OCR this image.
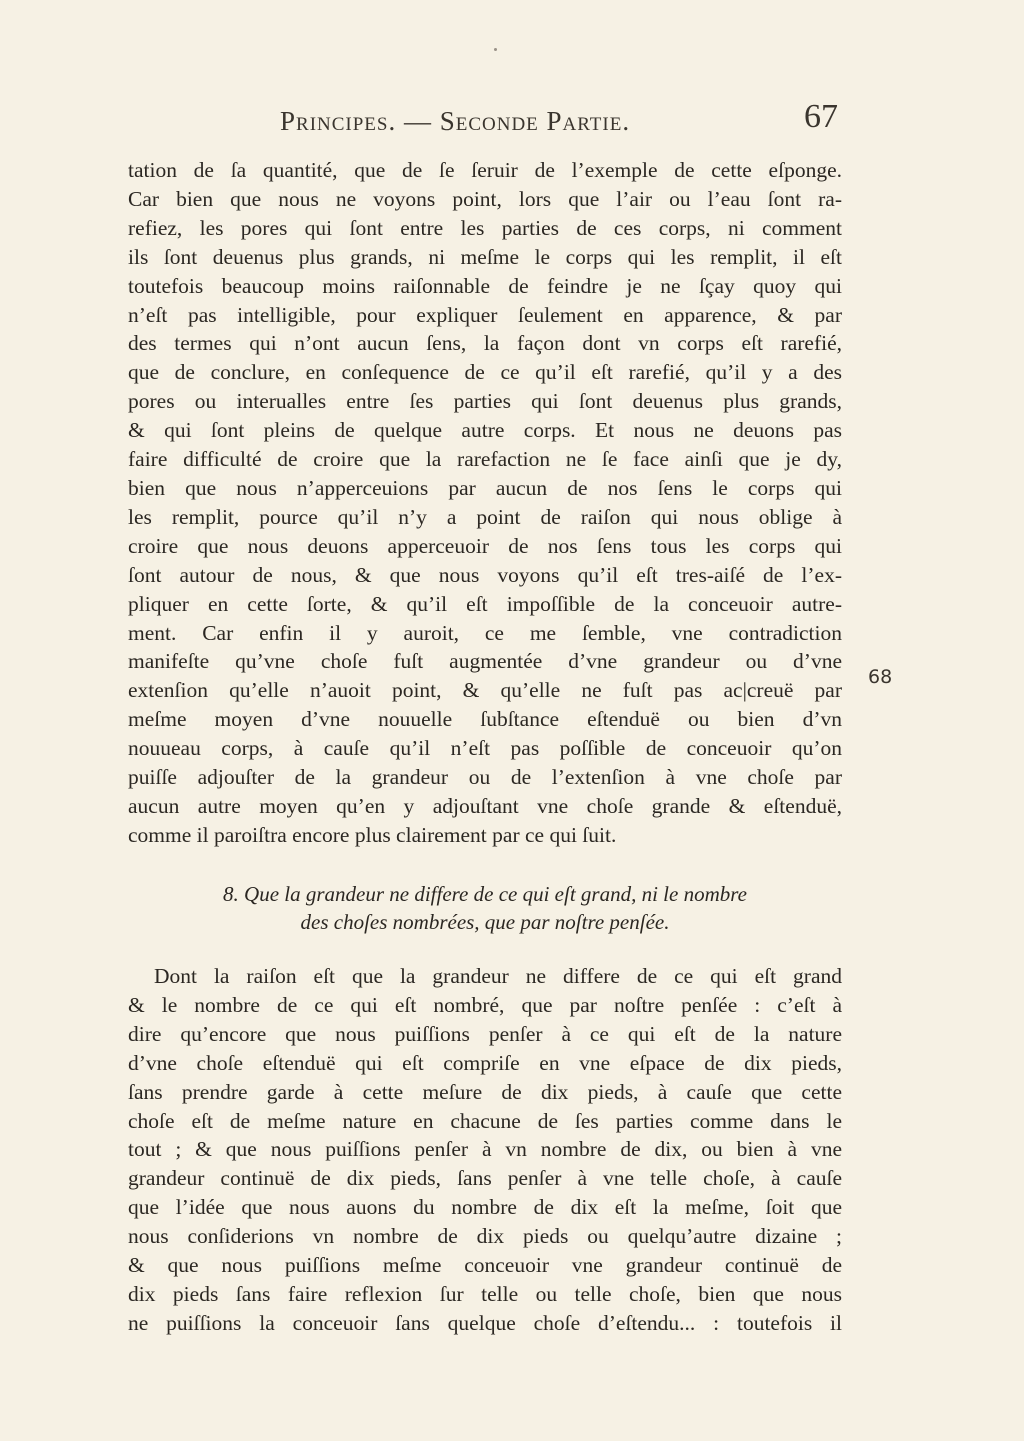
Principes. — Seconde Partie.	67
tation de ſa quantité, que de ſe ſeruir de l’exemple de cette eſponge.
Car bien que nous ne voyons point, lors que l’air ou l’eau ſont ra-
refiez, les pores qui ſont entre les parties de ces corps, ni comment
ils ſont deuenus plus grands, ni meſme le corps qui les remplit, il eſt
toutefois beaucoup moins raiſonnable de feindre je ne ſçay quoy qui
n’eſt pas intelligible, pour expliquer ſeulement en apparence, & par
des termes qui n’ont aucun ſens, la façon dont vn corps eſt rarefié,
que de conclure, en conſequence de ce qu’il eſt rarefié, qu’il y a des
pores ou interualles entre ſes parties qui ſont deuenus plus grands,
& qui ſont pleins de quelque autre corps. Et nous ne deuons pas
faire difficulté de croire que la rarefaction ne ſe face ainſi que je dy,
bien que nous n’apperceuions par aucun de nos ſens le corps qui
les remplit, pource qu’il n’y a point de raiſon qui nous oblige à
croire que nous deuons apperceuoir de nos ſens tous les corps qui
ſont autour de nous, & que nous voyons qu’il eſt tres-aiſé de l’ex-
pliquer en cette ſorte, & qu’il eſt impoſſible de la conceuoir autre-
ment. Car enfin il y auroit, ce me ſemble, vne contradiction
manifeſte qu’vne choſe fuſt augmentée d’vne grandeur ou d’vne
extenſion qu’elle n’auoit point, & qu’elle ne fuſt pas ac|creuë par
meſme moyen d’vne nouuelle ſubſtance eſtenduë ou bien d’vn
nouueau corps, à cauſe qu’il n’eſt pas poſſible de conceuoir qu’on
puiſſe adjouſter de la grandeur ou de l’extenſion à vne choſe par
aucun autre moyen qu’en y adjouſtant vne choſe grande & eſtenduë,
comme il paroiſtra encore plus clairement par ce qui ſuit.
68
8. Que la grandeur ne differe de ce qui eſt grand, ni le nombre
des choſes nombrées, que par noſtre penſée.
Dont la raiſon eſt que la grandeur ne differe de ce qui eſt grand
& le nombre de ce qui eſt nombré, que par noſtre penſée : c’eſt à
dire qu’encore que nous puiſſions penſer à ce qui eſt de la nature
d’vne choſe eſtenduë qui eſt compriſe en vne eſpace de dix pieds,
ſans prendre garde à cette meſure de dix pieds, à cauſe que cette
choſe eſt de meſme nature en chacune de ſes parties comme dans le
tout ; & que nous puiſſions penſer à vn nombre de dix, ou bien à vne
grandeur continuë de dix pieds, ſans penſer à vne telle choſe, à cauſe
que l’idée que nous auons du nombre de dix eſt la meſme, ſoit que
nous conſiderions vn nombre de dix pieds ou quelqu’autre dizaine ;
& que nous puiſſions meſme conceuoir vne grandeur continuë de
dix pieds ſans faire reflexion ſur telle ou telle choſe, bien que nous
ne puiſſions la conceuoir ſans quelque choſe d’eſtendu... : toutefois il
